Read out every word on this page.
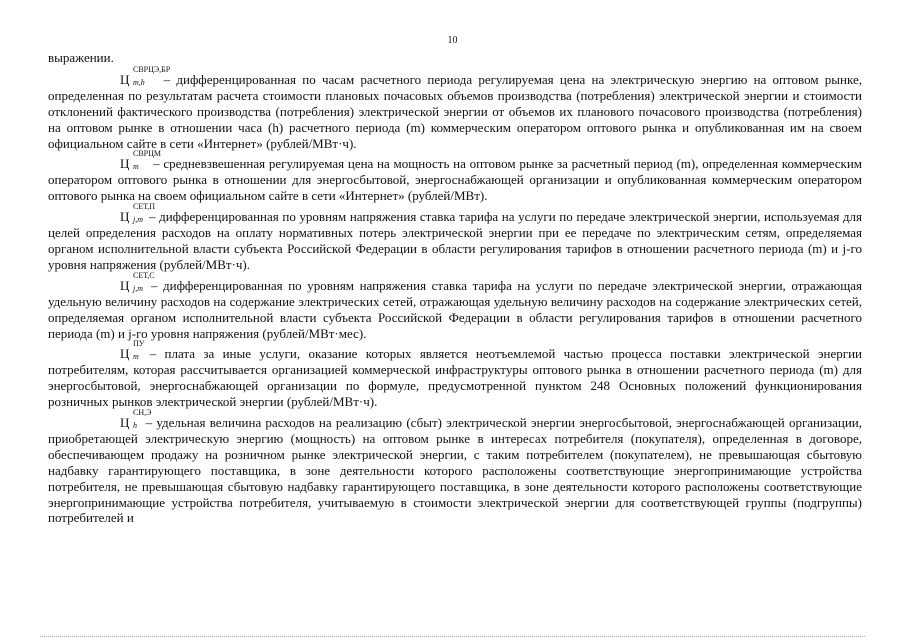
10

выражении.

Ц
СВРЦЭ,БР
m,h – дифференцированная по часам расчетного периода регулируемая цена на электрическую энергию на оптовом рынке, определенная по результатам расчета стоимости плановых почасовых объемов производства (потребления) электрической энергии и стоимости отклонений фактического производства (потребления) электрической энергии от объемов их планового почасового производства (потребления) на оптовом рынке в отношении часа (h) расчетного периода (m) коммерческим оператором оптового рынка и опубликованная им на своем официальном сайте в сети «Интернет» (рублей/МВт·ч).

Ц
СВРЦМ
m – средневзвешенная регулируемая цена на мощность на оптовом рынке за расчетный период (m), определенная коммерческим оператором оптового рынка в отношении для энергосбытовой, энергоснабжающей организации и опубликованная коммерческим оператором оптового рынка на своем официальном сайте в сети «Интернет» (рублей/МВт).

Ц
СЕТ,П
j,m – дифференцированная по уровням напряжения ставка тарифа на услуги по передаче электрической энергии, используемая для целей определения расходов на оплату нормативных потерь электрической энергии при ее передаче по электрическим сетям, определяемая органом исполнительной власти субъекта Российской Федерации в области регулирования тарифов в отношении расчетного периода (m) и j-го уровня напряжения (рублей/МВт·ч).

Ц
СЕТ,С
j,m – дифференцированная по уровням напряжения ставка тарифа на услуги по передаче электрической энергии, отражающая удельную величину расходов на содержание электрических сетей, отражающая удельную величину расходов на содержание электрических сетей, определяемая органом исполнительной власти субъекта Российской Федерации в области регулирования тарифов в отношении расчетного периода (m) и j-го уровня напряжения (рублей/МВт·мес).

Ц
ПУ
m – плата за иные услуги, оказание которых является неотъемлемой частью процесса поставки электрической энергии потребителям, которая рассчитывается организацией коммерческой инфраструктуры оптового рынка в отношении расчетного периода (m) для энергосбытовой, энергоснабжающей организации по формуле, предусмотренной пунктом 248 Основных положений функционирования розничных рынков электрической энергии (рублей/МВт·ч).

Ц
СН,Э
h – удельная величина расходов на реализацию (сбыт) электрической энергии энергосбытовой, энергоснабжающей организации, приобретающей электрическую энергию (мощность) на оптовом рынке в интересах потребителя (покупателя), определенная в договоре, обеспечивающем продажу на розничном рынке электрической энергии, с таким потребителем (покупателем), не превышающая сбытовую надбавку гарантирующего поставщика, в зоне деятельности которого расположены соответствующие энергопринимающие устройства потребителя, не превышающая сбытовую надбавку гарантирующего поставщика, в зоне деятельности которого расположены соответствующие энергопринимающие устройства потребителя, учитываемую в стоимости электрической энергии для соответствующей группы (подгруппы) потребителей и
